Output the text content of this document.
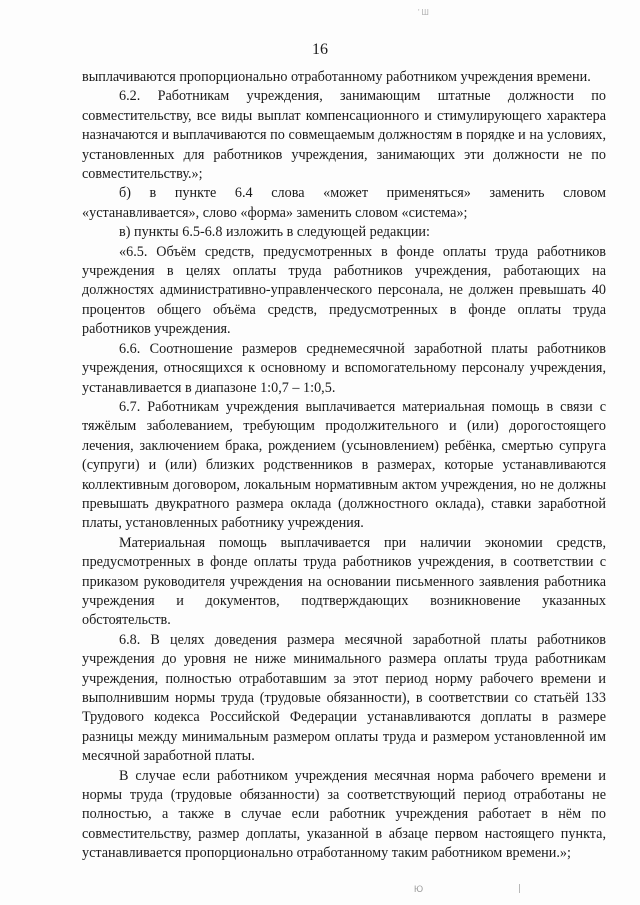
'Ш
16

выплачиваются пропорционально отработанному работником учреждения времени.

6.2. Работникам учреждения, занимающим штатные должности по совместительству, все виды выплат компенсационного и стимулирующего характера назначаются и выплачиваются по совмещаемым должностям в порядке и на условиях, установленных для работников учреждения, занимающих эти должности не по совместительству.»;

б) в пункте 6.4 слова «может применяться» заменить словом «устанавливается», слово «форма» заменить словом «система»;

в) пункты 6.5-6.8 изложить в следующей редакции:

«6.5. Объём средств, предусмотренных в фонде оплаты труда работников учреждения в целях оплаты труда работников учреждения, работающих на должностях административно-управленческого персонала, не должен превышать 40 процентов общего объёма средств, предусмотренных в фонде оплаты труда работников учреждения.

6.6. Соотношение размеров среднемесячной заработной платы работников учреждения, относящихся к основному и вспомогательному персоналу учреждения, устанавливается в диапазоне 1:0,7 – 1:0,5.

6.7. Работникам учреждения выплачивается материальная помощь в связи с тяжёлым заболеванием, требующим продолжительного и (или) дорогостоящего лечения, заключением брака, рождением (усыновлением) ребёнка, смертью супруга (супруги) и (или) близких родственников в размерах, которые устанавливаются коллективным договором, локальным нормативным актом учреждения, но не должны превышать двукратного размера оклада (должностного оклада), ставки заработной платы, установленных работнику учреждения.

Материальная помощь выплачивается при наличии экономии средств, предусмотренных в фонде оплаты труда работников учреждения, в соответствии с приказом руководителя учреждения на основании письменного заявления работника учреждения и документов, подтверждающих возникновение указанных обстоятельств.

6.8. В целях доведения размера месячной заработной платы работников учреждения до уровня не ниже минимального размера оплаты труда работникам учреждения, полностью отработавшим за этот период норму рабочего времени и выполнившим нормы труда (трудовые обязанности), в соответствии со статьёй 133 Трудового кодекса Российской Федерации устанавливаются доплаты в размере разницы между минимальным размером оплаты труда и размером установленной им месячной заработной платы.

В случае если работником учреждения месячная норма рабочего времени и нормы труда (трудовые обязанности) за соответствующий период отработаны не полностью, а также в случае если работник учреждения работает в нём по совместительству, размер доплаты, указанной в абзаце первом настоящего пункта, устанавливается пропорционально отработанному таким работником времени.»;

Ю
